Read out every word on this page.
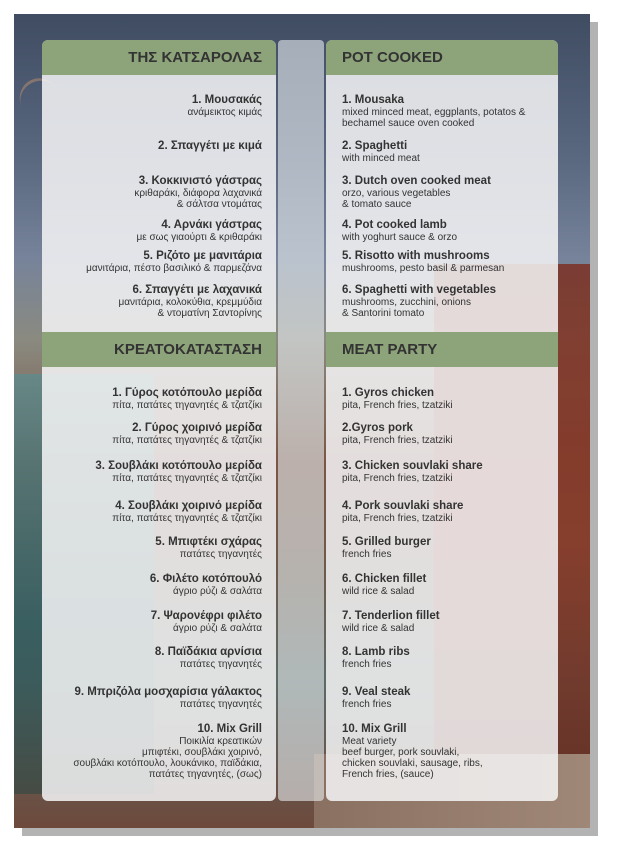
ΤΗΣ ΚΑΤΣΑΡΟΛΑΣ
1. Μουσακάς
ανάμεικτος κιμάς
2. Σπαγγέτι με κιμά
3. Κοκκινιστό γάστρας
κριθαράκι, διάφορα λαχανικά
& σάλτσα ντομάτας
4. Αρνάκι γάστρας
με σως γιαούρτι & κριθαράκι
5. Ριζότο με μανιτάρια
μανιτάρια, πέστο βασιλικό & παρμεζάνα
6. Σπαγγέτι με λαχανικά
μανιτάρια, κολοκύθια, κρεμμύδια
& ντοματίνη Σαντορίνης
ΚΡΕΑΤΟΚΑΤΑΣΤΑΣΗ
1. Γύρος κοτόπουλο μερίδα
πίτα, πατάτες τηγανητές & τζατζίκι
2. Γύρος χοιρινό μερίδα
πίτα, πατάτες τηγανητές & τζατζίκι
3. Σουβλάκι κοτόπουλο μερίδα
πίτα, πατάτες τηγανητές & τζατζίκι
4. Σουβλάκι χοιρινό μερίδα
πίτα, πατάτες τηγανητές & τζατζίκι
5. Μπιφτέκι σχάρας
πατάτες τηγανητές
6. Φιλέτο κοτόπουλό
άγριο ρύζι & σαλάτα
7. Ψαρονέφρι φιλέτο
άγριο ρύζι & σαλάτα
8. Παϊδάκια αρνίσια
πατάτες τηγανητές
9. Μπριζόλα μοσχαρίσια γάλακτος
πατάτες τηγανητές
10. Mix Grill
Ποικιλία κρεατικών
μπιφτέκι, σουβλάκι χοιρινό,
σουβλάκι κοτόπουλο, λουκάνικο, παϊδάκια,
πατάτες τηγανητές, (σως)
POT COOKED
1. Mousaka
mixed minced meat, eggplants, potatos &
bechamel sauce oven cooked
2. Spaghetti
with minced meat
3. Dutch oven cooked meat
orzo, various vegetables
& tomato sauce
4. Pot cooked lamb
with yoghurt sauce & orzo
5. Risotto with mushrooms
mushrooms, pesto basil & parmesan
6. Spaghetti with vegetables
mushrooms, zucchini, onions
& Santorini tomato
MEAT PARTY
1. Gyros chicken
pita, French fries, tzatziki
2.Gyros pork
pita, French fries, tzatziki
3. Chicken souvlaki share
pita, French fries, tzatziki
4. Pork souvlaki share
pita, French fries, tzatziki
5. Grilled burger
french fries
6. Chicken fillet
wild rice & salad
7. Tenderlion fillet
wild rice & salad
8. Lamb ribs
french fries
9. Veal steak
french fries
10. Mix Grill
Meat variety
beef burger, pork souvlaki,
chicken souvlaki, sausage, ribs,
French fries, (sauce)
